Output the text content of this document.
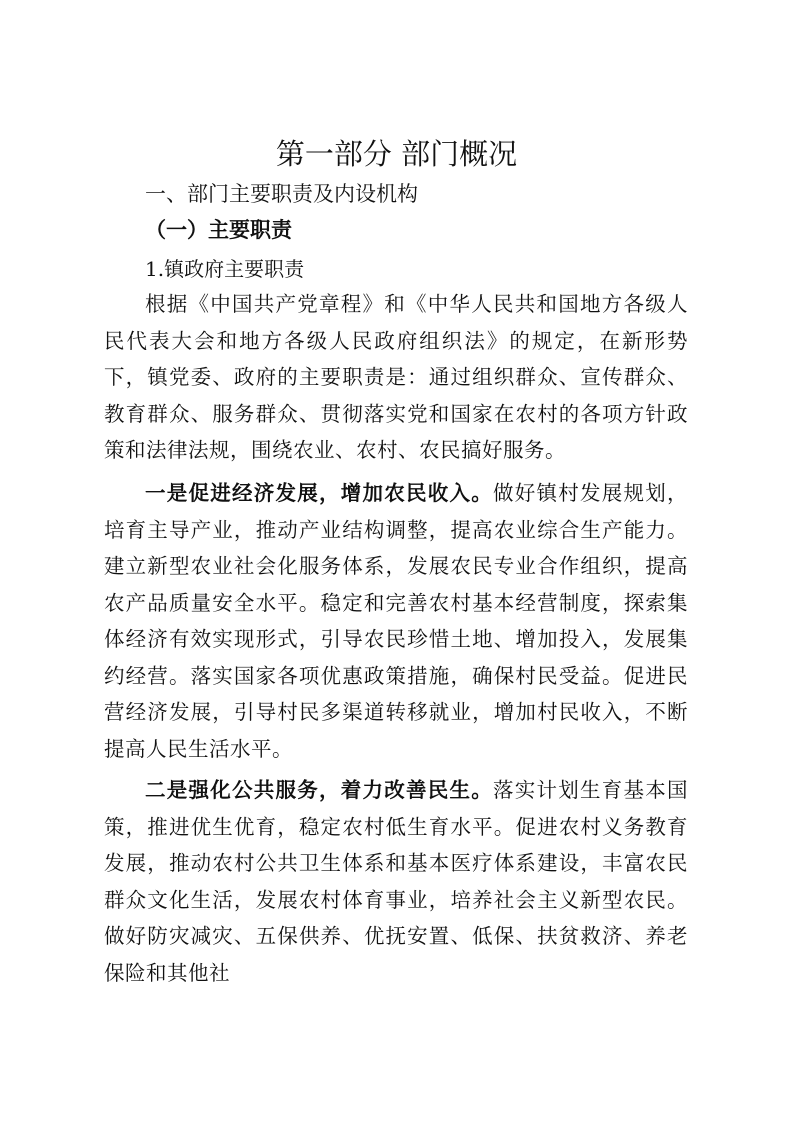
第一部分 部门概况
一、部门主要职责及内设机构
（一）主要职责
1.镇政府主要职责

根据《中国共产党章程》和《中华人民共和国地方各级人民代表大会和地方各级人民政府组织法》的规定，在新形势下，镇党委、政府的主要职责是：通过组织群众、宣传群众、教育群众、服务群众、贯彻落实党和国家在农村的各项方针政策和法律法规，围绕农业、农村、农民搞好服务。

一是促进经济发展，增加农民收入。做好镇村发展规划，培育主导产业，推动产业结构调整，提高农业综合生产能力。建立新型农业社会化服务体系，发展农民专业合作组织，提高农产品质量安全水平。稳定和完善农村基本经营制度，探索集体经济有效实现形式，引导农民珍惜土地、增加投入，发展集约经营。落实国家各项优惠政策措施，确保村民受益。促进民营经济发展，引导村民多渠道转移就业，增加村民收入，不断提高人民生活水平。

二是强化公共服务，着力改善民生。落实计划生育基本国策，推进优生优育，稳定农村低生育水平。促进农村义务教育发展，推动农村公共卫生体系和基本医疗体系建设，丰富农民群众文化生活，发展农村体育事业，培养社会主义新型农民。做好防灾减灾、五保供养、优抚安置、低保、扶贫救济、养老保险和其他社
